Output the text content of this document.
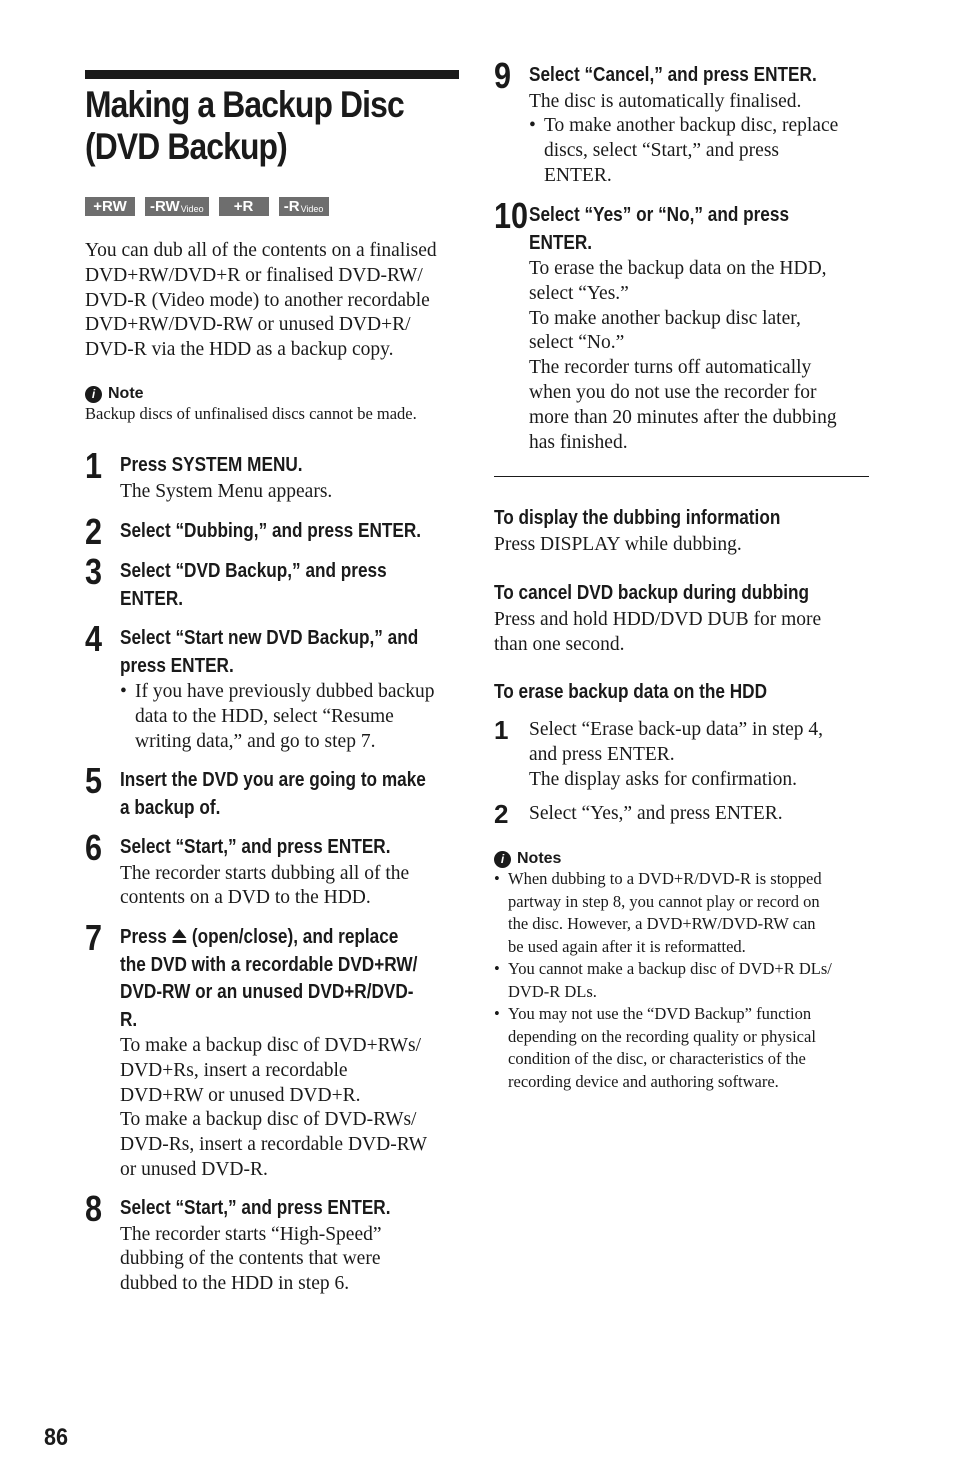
Making a Backup Disc
(DVD Backup)
+RW -RW Video +R -R Video
You can dub all of the contents on a finalised
DVD+RW/DVD+R or finalised DVD-RW/
DVD-R (Video mode) to another recordable
DVD+RW/DVD-RW or unused DVD+R/
DVD-R via the HDD as a backup copy.
i Note

Backup discs of unfinalised discs cannot be made.

1 Press SYSTEM MENU.

The System Menu appears.

2 Select “Dubbing,” and press ENTER.

3 Select “DVD Backup,” and press

ENTER.

4 Select “Start new DVD Backup,” and

press ENTER.

• If you have previously dubbed backup
data to the HDD, select “Resume
writing data,” and go to step 7.
5 Insert the DVD you are going to make

a backup of.

6 Select “Start,” and press ENTER.

The recorder starts dubbing all of the

contents on a DVD to the HDD.

7 Press (open/close), and replace

the DVD with a recordable DVD+RW/

DVD-RW or an unused DVD+R/DVD-

R.

To make a backup disc of DVD+RWs/
DVD+Rs, insert a recordable
DVD+RW or unused DVD+R.
To make a backup disc of DVD-RWs/
DVD-Rs, insert a recordable DVD-RW
or unused DVD-R.
8 Select “Start,” and press ENTER.

The recorder starts “High-Speed”
dubbing of the contents that were
dubbed to the HDD in step 6.
9 Select “Cancel,” and press ENTER.

The disc is automatically finalised.

• To make another backup disc, replace
discs, select “Start,” and press
ENTER.
10 Select “Yes” or “No,” and press

ENTER.

To erase the backup data on the HDD,
select “Yes.”
To make another backup disc later,
select “No.”
The recorder turns off automatically
when you do not use the recorder for
more than 20 minutes after the dubbing
has finished.

To display the dubbing information

Press DISPLAY while dubbing.

To cancel DVD backup during dubbing

Press and hold HDD/DVD DUB for more
than one second.

To erase backup data on the HDD

1 Select “Erase back-up data” in step 4,
and press ENTER.
The display asks for confirmation.
2 Select “Yes,” and press ENTER.
i Notes
• When dubbing to a DVD+R/DVD-R is stopped
partway in step 8, you cannot play or record on
the disc. However, a DVD+RW/DVD-RW can
be used again after it is reformatted.
• You cannot make a backup disc of DVD+R DLs/
DVD-R DLs.
• You may not use the “DVD Backup” function
depending on the recording quality or physical
condition of the disc, or characteristics of the
recording device and authoring software.
86
